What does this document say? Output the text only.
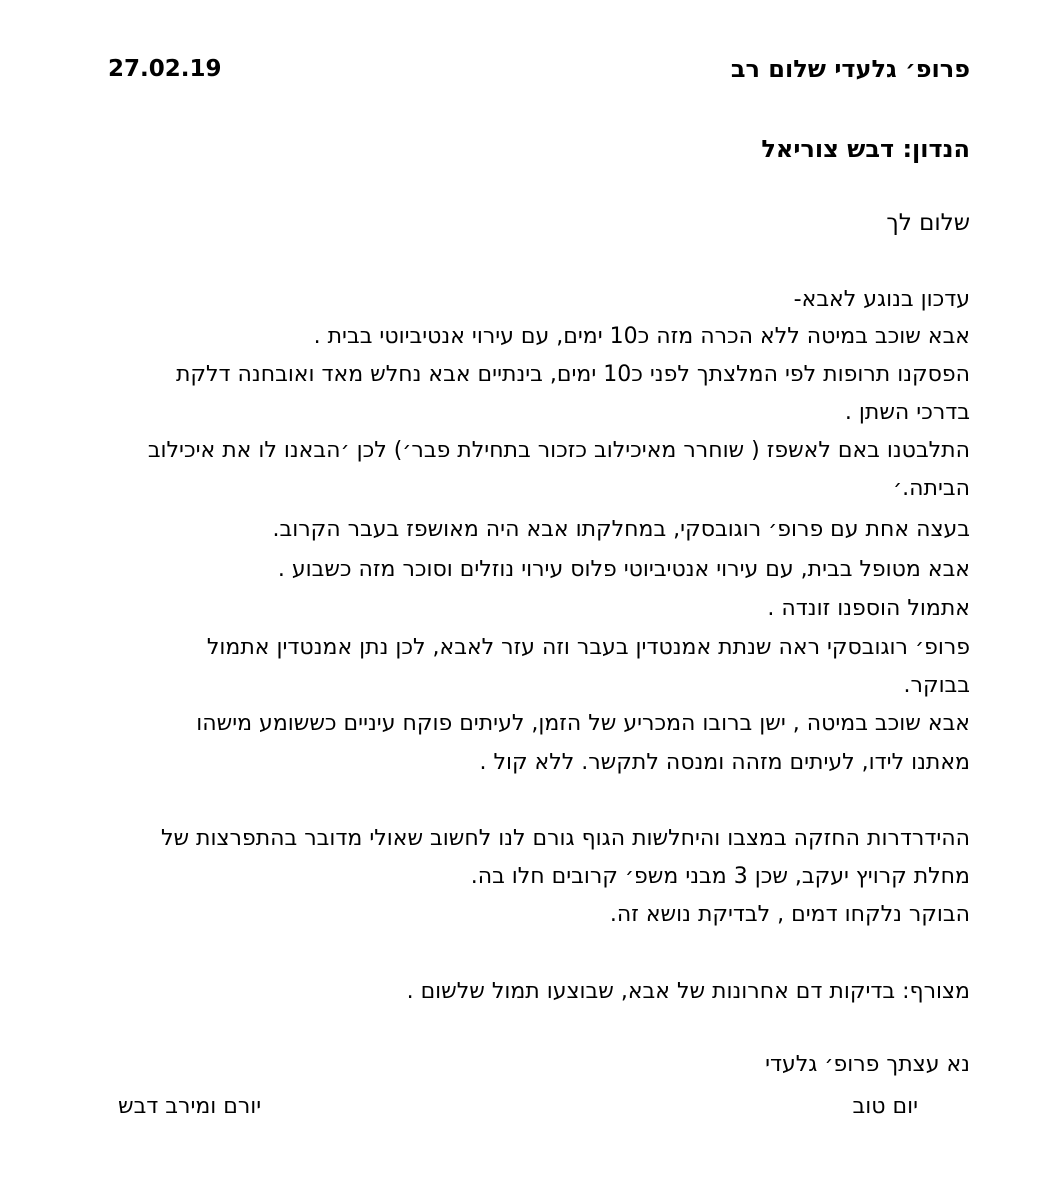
פרופ׳ גלעדי שלום רב
27.02.19
הנדון: דבש צוריאל
שלום לך
עדכון בנוגע לאבא-
אבא שוכב במיטה ללא הכרה מזה כ10 ימים, עם עירוי אנטיביוטי בבית .
הפסקנו תרופות לפי המלצתך לפני כ10 ימים, בינתיים אבא נחלש מאד ואובחנה דלקת
בדרכי השתן .
התלבטנו באם לאשפז ( שוחרר מאיכילוב כזכור בתחילת פבר׳) לכן ׳הבאנו לו את איכילוב
הביתה.׳
בעצה אחת עם פרופ׳ רוגובסקי, במחלקתו אבא היה מאושפז בעבר הקרוב.
אבא מטופל בבית, עם עירוי אנטיביוטי פלוס עירוי נוזלים וסוכר מזה כשבוע .
אתמול הוספנו זונדה .
פרופ׳ רוגובסקי ראה שנתת אמנטדין בעבר וזה עזר לאבא, לכן נתן אמנטדין אתמול
בבוקר.
אבא שוכב במיטה , ישן ברובו המכריע של הזמן, לעיתים פוקח עיניים כששומע מישהו
מאתנו לידו, לעיתים מזהה ומנסה לתקשר. ללא קול .
ההידרדרות החזקה במצבו והיחלשות הגוף גורם לנו לחשוב שאולי מדובר בהתפרצות של
מחלת קרויץ יעקב, שכן 3 מבני משפ׳ קרובים חלו בה.
הבוקר נלקחו דמים , לבדיקת נושא זה.
מצורף: בדיקות דם אחרונות של אבא, שבוצעו תמול שלשום .
נא עצתך פרופ׳ גלעדי
יום טוב
יורם ומירב דבש
